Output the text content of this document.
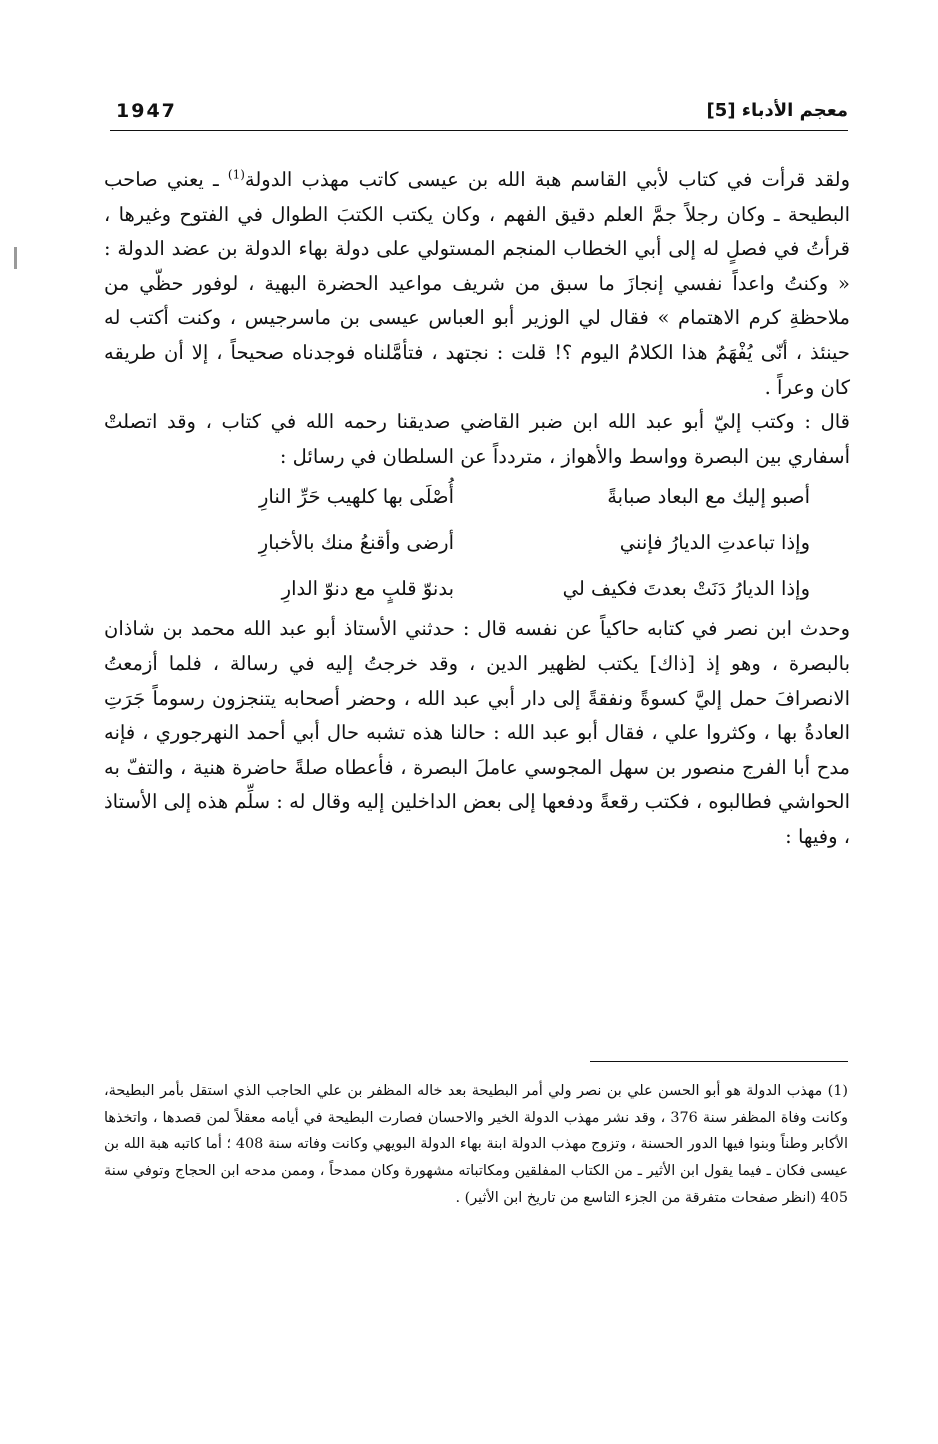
1947	معجم الأدباء [5]

ولقد قرأت في كتاب لأبي القاسم هبة الله بن عيسى كاتب مهذب الدولة$^{(1)}$ ـ يعني صاحب البطيحة ـ وكان رجلاً جمَّ العلم دقيق الفهم ، وكان يكتب الكتبَ الطوال في الفتوح وغيرها ، قرأتُ في فصلٍ له إلى أبي الخطاب المنجم المستولي على دولة بهاء الدولة بن عضد الدولة : « وكنتُ واعداً نفسي إنجازَ ما سبق من شريف مواعيد الحضرة البهية ، لوفور حظّي من ملاحظةِ كرم الاهتمام » فقال لي الوزير أبو العباس عيسى بن ماسرجيس ، وكنت أكتب له حينئذ ، أنّى يُفْهَمُ هذا الكلامُ اليوم ؟! قلت : نجتهد ، فتأمَّلناه فوجدناه صحيحاً ، إلا أن طريقه كان وعراً .

قال : وكتب إليّ أبو عبد الله ابن ضبر القاضي صديقنا رحمه الله في كتاب ، وقد اتصلتْ أسفاري بين البصرة وواسط والأهواز ، متردداً عن السلطان في رسائل :

أصبو إليك مع البعاد صبابةً
أُصْلَى بها كلهيب حَرِّ النارِ
وإذا تباعدتِ الديارُ فإنني
أرضى وأقنعُ منك بالأخبارِ
وإذا الديارُ دَنَتْ بعدتَ فكيف لي
بدنوّ قلبٍ مع دنوّ الدارِ

وحدث ابن نصر في كتابه حاكياً عن نفسه قال : حدثني الأستاذ أبو عبد الله محمد بن شاذان بالبصرة ، وهو إذ [ذاك] يكتب لظهير الدين ، وقد خرجتُ إليه في رسالة ، فلما أزمعتُ الانصرافَ حمل إليَّ كسوةً ونفقةً إلى دار أبي عبد الله ، وحضر أصحابه يتنجزون رسوماً جَرَتِ العادةُ بها ، وكثروا علي ، فقال أبو عبد الله : حالنا هذه تشبه حال أبي أحمد النهرجوري ، فإنه مدح أبا الفرج منصور بن سهل المجوسي عاملَ البصرة ، فأعطاه صلةً حاضرة هنية ، والتفّ به الحواشي فطالبوه ، فكتب رقعةً ودفعها إلى بعض الداخلين إليه وقال له : سلِّم هذه إلى الأستاذ ، وفيها :

(1) مهذب الدولة هو أبو الحسن علي بن نصر ولي أمر البطيحة بعد خاله المظفر بن علي الحاجب الذي استقل بأمر البطيحة، وكانت وفاة المظفر سنة 376 ، وقد نشر مهذب الدولة الخير والاحسان فصارت البطيحة في أيامه معقلاً لمن قصدها ، واتخذها الأكابر وطناً وبنوا فيها الدور الحسنة ، وتزوج مهذب الدولة ابنة بهاء الدولة البويهي وكانت وفاته سنة 408 ؛ أما كاتبه هبة الله بن عيسى فكان ـ فيما يقول ابن الأثير ـ من الكتاب المفلقين ومكاتباته مشهورة وكان ممدحاً ، وممن مدحه ابن الحجاج وتوفي سنة 405 (انظر صفحات متفرقة من الجزء التاسع من تاريخ ابن الأثير) .
